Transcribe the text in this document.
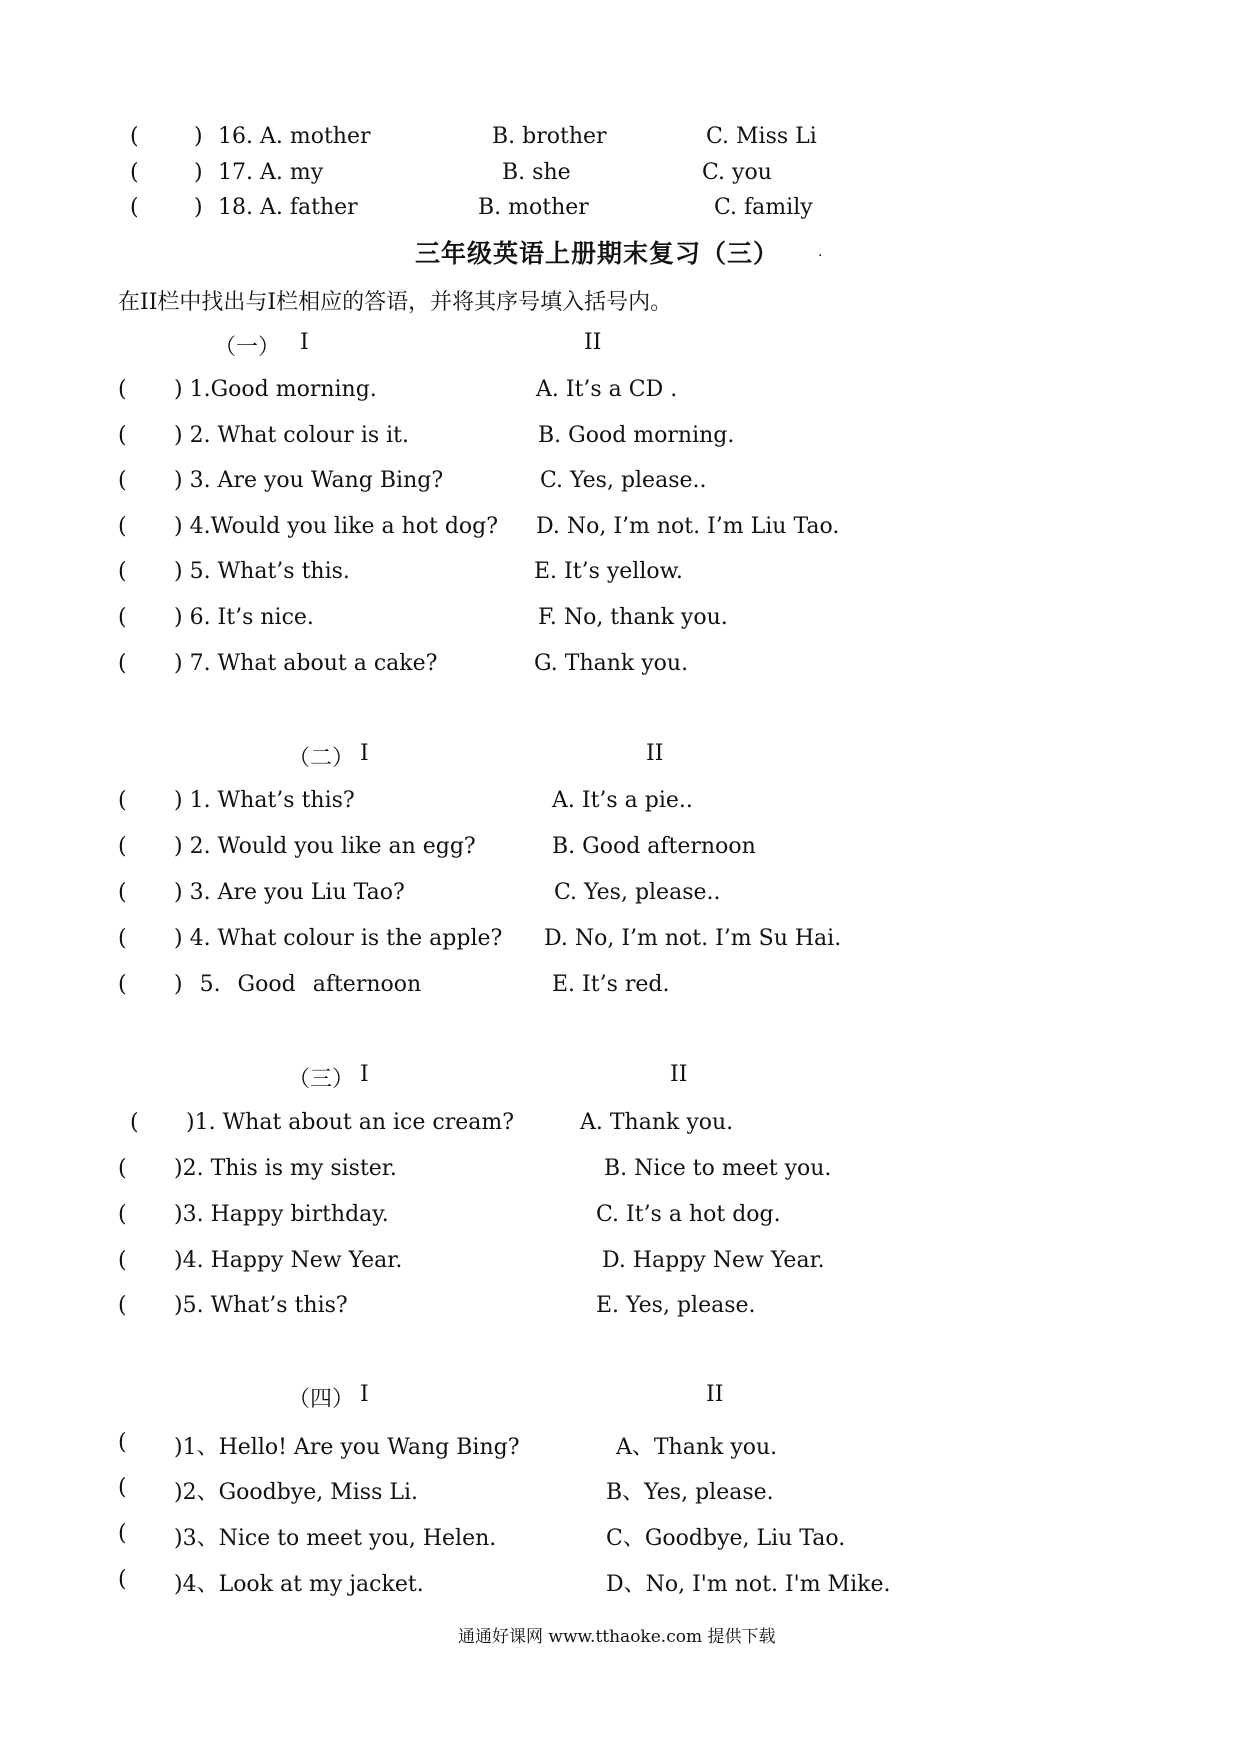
(	) 16. A. mother	B. brother	C. Miss Li
(	) 17. A. my	B. she	C. you
(	) 18. A. father	B. mother	C. family
三年级英语上册期末复习（三）	.
在II栏中找出与I栏相应的答语，并将其序号填入括号内。
（一） I	II
( ) 1.Good morning.	A. It’s a CD .
( ) 2. What colour is it.	B. Good morning.
( ) 3. Are you Wang Bing?	C. Yes, please..
( ) 4.Would you like a hot dog? D. No, I’m not. I’m Liu Tao.
( ) 5. What’s this.	E. It’s yellow.
( ) 6. It’s nice.	F. No, thank you.
( ) 7. What about a cake?	G. Thank you.
（二） I	II
( ) 1. What’s this?	A. It’s a pie..
( ) 2. Would you like an egg?	B. Good afternoon
( ) 3. Are you Liu Tao?	C. Yes, please..
( ) 4. What colour is the apple? D. No, I’m not. I’m Su Hai.
( ) 5. Good afternoon	E. It’s red.
（三） I	II
( )1. What about an ice cream?	A. Thank you.
( )2. This is my sister.	B. Nice to meet you.
( )3. Happy birthday.	C. It’s a hot dog.
( )4. Happy New Year.	D. Happy New Year.
( )5. What’s this?	E. Yes, please.
（四） I	II
( )1、Hello! Are you Wang Bing?	A、Thank you.
( )2、Goodbye, Miss Li.	B、Yes, please.
( )3、Nice to meet you, Helen.	C、Goodbye, Liu Tao.
( )4、Look at my jacket.	D、No, I'm not. I'm Mike.
通通好课网 www.tthaoke.com 提供下载
